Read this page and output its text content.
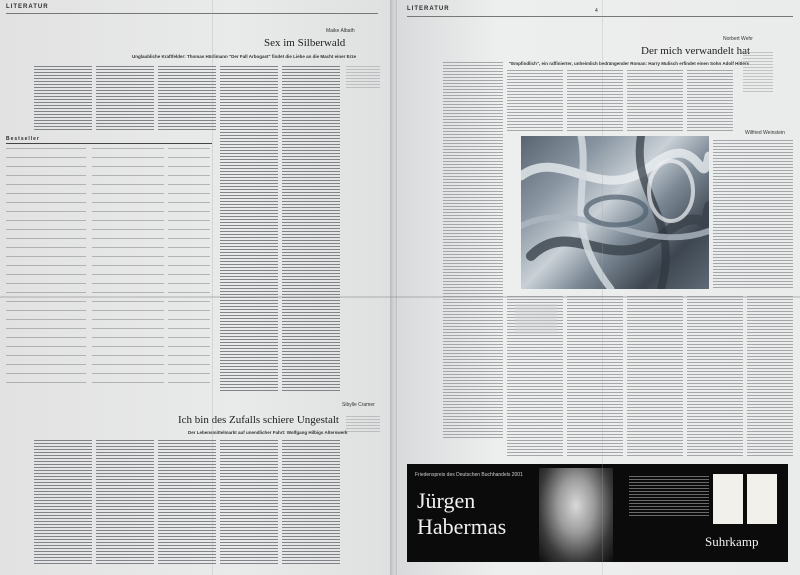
LITERATUR
Maike Albath
Sex im Silberwald
Unglaubliche Kraftfelder: Thomas Hürlimann "Der Fall Arbogast" findet die Liebe an die Macht einer Erze
Bestseller
Sibylle Cramer
Ich bin des Zufalls schiere Ungestalt
Der Lebensmittelmarkt auf unendlicher Fahrt: Wolfgang Hilbigs Alterswerk
LITERATUR	4
Norbert Wehr
Der mich verwandelt hat
"Empfindlich", ein raffinierter, unheimlich bedrängender Roman: Harry Mulisch erfindet einen Sohn Adolf Hitlers
Wilfried Weinstein
Friedenspreis des Deutschen Buchhandels 2001
Jürgen
Habermas
Suhrkamp
